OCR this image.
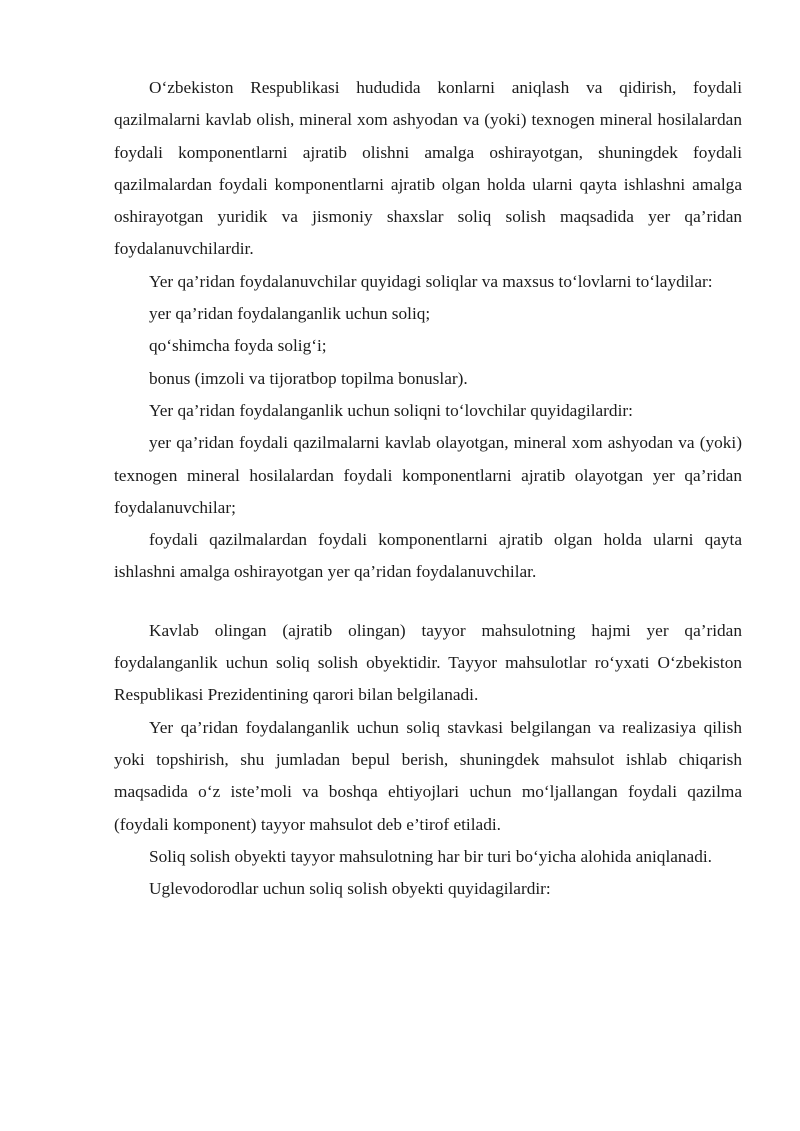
O‘zbekiston Respublikasi hududida konlarni aniqlash va qidirish, foydali qazilmalarni kavlab olish, mineral xom ashyodan va (yoki) texnogen mineral hosilalardan foydali komponentlarni ajratib olishni amalga oshirayotgan, shuningdek foydali qazilmalardan foydali komponentlarni ajratib olgan holda ularni qayta ishlashni amalga oshirayotgan yuridik va jismoniy shaxslar soliq solish maqsadida yer qa’ridan foydalanuvchilardir.

Yer qa’ridan foydalanuvchilar quyidagi soliqlar va maxsus to‘lovlarni to‘laydilar:

yer qa’ridan foydalanganlik uchun soliq;

qo‘shimcha foyda solig‘i;

bonus (imzoli va tijoratbop topilma bonuslar).

Yer qa’ridan foydalanganlik uchun soliqni to‘lovchilar quyidagilardir:

yer qa’ridan foydali qazilmalarni kavlab olayotgan, mineral xom ashyodan va (yoki) texnogen mineral hosilalardan foydali komponentlarni ajratib olayotgan yer qa’ridan foydalanuvchilar;

foydali qazilmalardan foydali komponentlarni ajratib olgan holda ularni qayta ishlashni amalga oshirayotgan yer qa’ridan foydalanuvchilar.

Kavlab olingan (ajratib olingan) tayyor mahsulotning hajmi yer qa’ridan foydalanganlik uchun soliq solish obyektidir. Tayyor mahsulotlar ro‘yxati O‘zbekiston Respublikasi Prezidentining qarori bilan belgilanadi.

Yer qa’ridan foydalanganlik uchun soliq stavkasi belgilangan va realizasiya qilish yoki topshirish, shu jumladan bepul berish, shuningdek mahsulot ishlab chiqarish maqsadida o‘z iste’moli va boshqa ehtiyojlari uchun mo‘ljallangan foydali qazilma (foydali komponent) tayyor mahsulot deb e’tirof etiladi.

Soliq solish obyekti tayyor mahsulotning har bir turi bo‘yicha alohida aniqlanadi.

Uglevodorodlar uchun soliq solish obyekti quyidagilardir:
